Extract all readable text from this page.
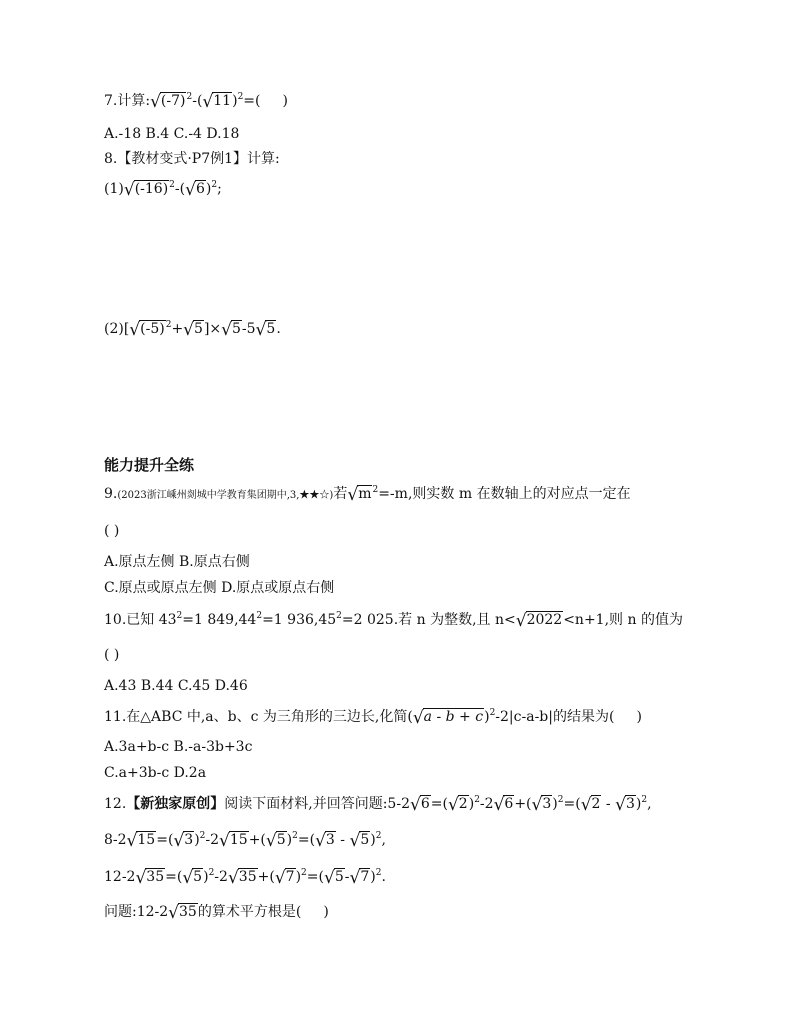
7.计算$:√(-7)^2-(√11)^2=$( )
A.-18 B.4 C.-4 D.18
8.【教材变式·P7例1】计算:
$(1)√(-16)^2-(√6)^2$;
$(2)[√(-5)^2+√5]\times√5-5√5$.
能力提升全练
9.(2023浙江嵊州剡城中学教育集团期中,3,★★☆)若$√m^2=-m$,则实数 m 在数轴上的对应点一定在
( )
A.原点左侧 B.原点右侧
C.原点或原点左侧 D.原点或原点右侧
10.已知 $43^2=1$ $849,44^2=1$ $936,45^2=2$ 025.若 n 为整数,且 n<√2022<n+1,则 n 的值为
( )
A.43 B.44 C.45 D.46
11.在△ABC 中,a、b、c 为三角形的三边长,化简$(√a - b + c)^2-2|c-a-b|$的结果为( )
A.3a+b-c B.-a-3b+3c
C.a+3b-c D.2a
12.【新独家原创】阅读下面材料,并回答问题$:5-2√6=(√2)^2-2√6+(√3)^2=(√2 - √3)^2$,
$8-2√15=(√3)^2-2√15+(√5)^2=(√3 - √5)^2$,
$12-2√35=(√5)^2-2√35+(√7)^2=(√5-√7)^2$.
问题:12-2√35的算术平方根是( )
